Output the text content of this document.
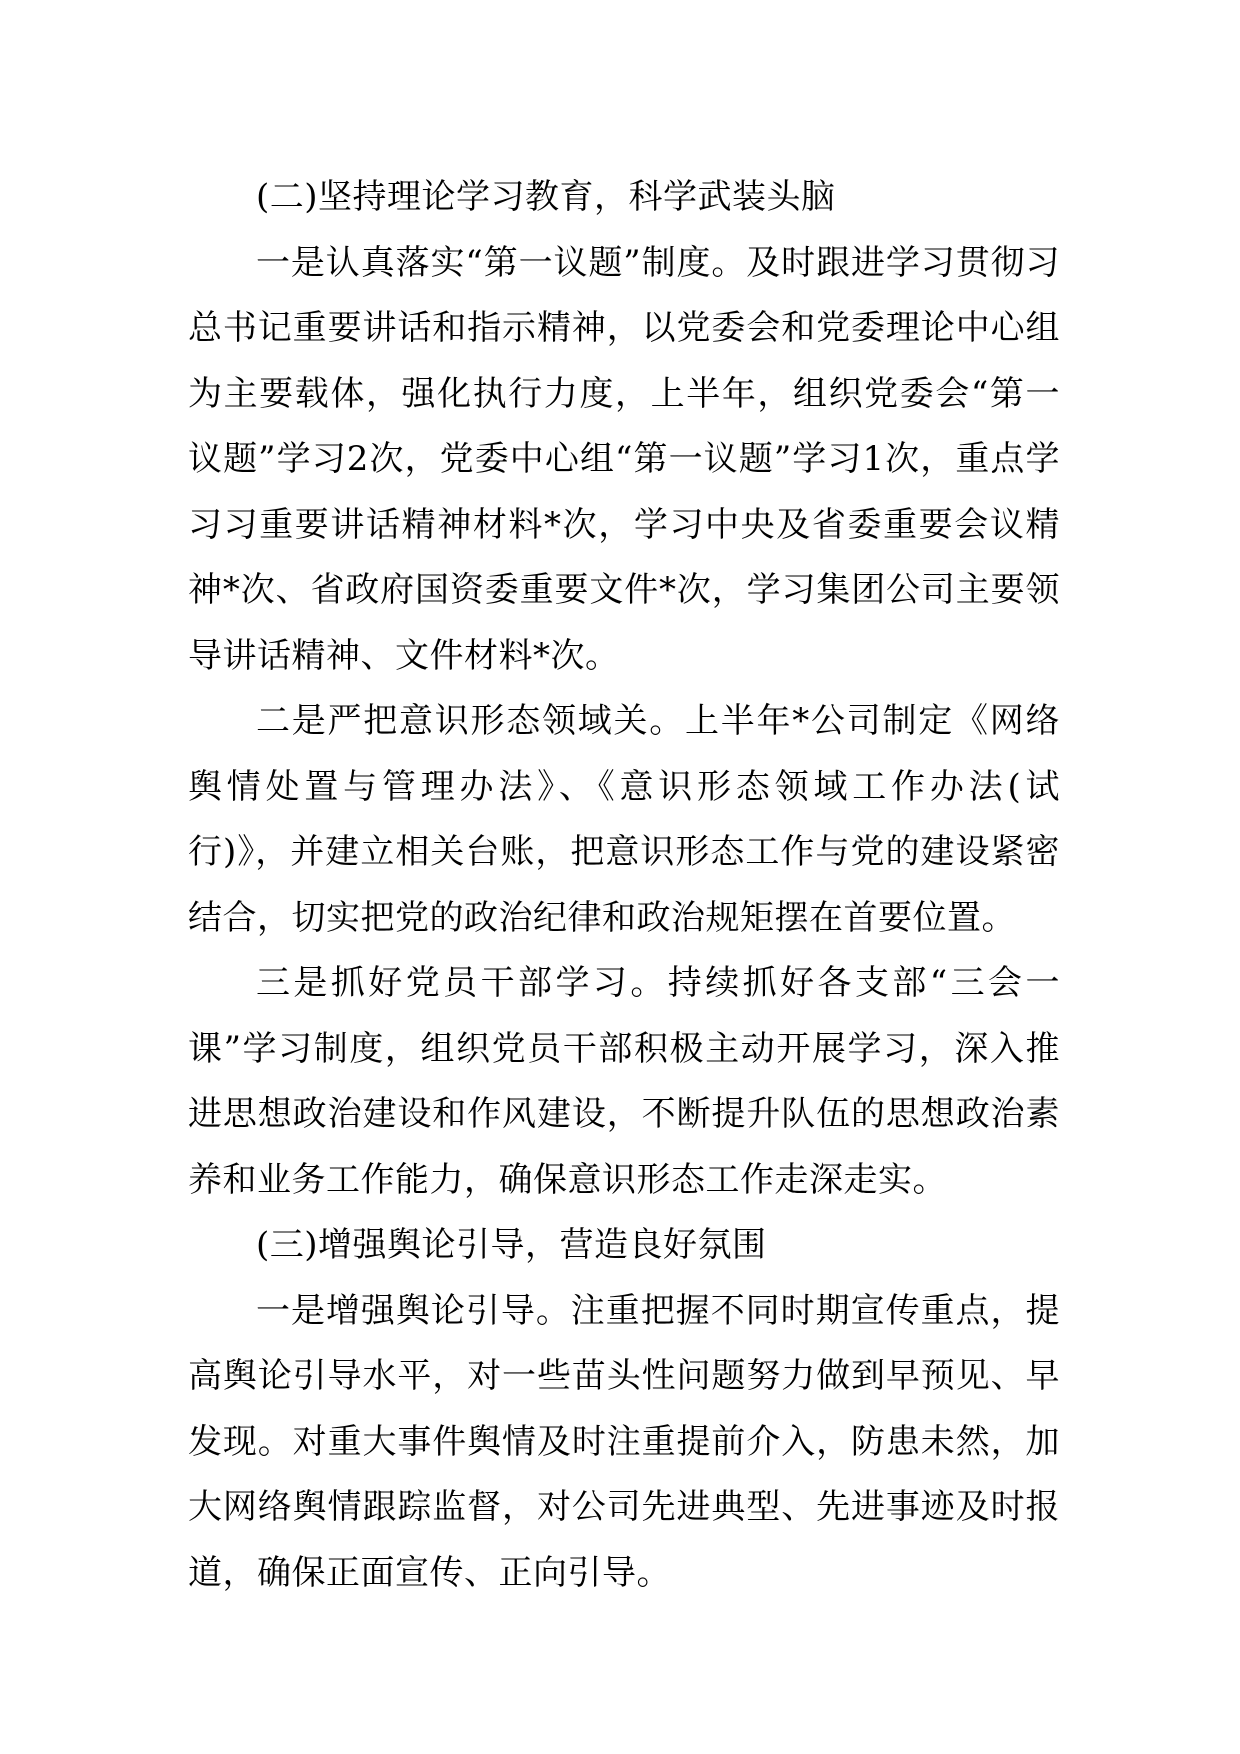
(二)坚持理论学习教育，科学武装头脑

一是认真落实“第一议题”制度。及时跟进学习贯彻习总书记重要讲话和指示精神，以党委会和党委理论中心组为主要载体，强化执行力度，上半年，组织党委会“第一议题”学习2次，党委中心组“第一议题”学习1次，重点学习习重要讲话精神材料*次，学习中央及省委重要会议精神*次、省政府国资委重要文件*次，学习集团公司主要领导讲话精神、文件材料*次。

二是严把意识形态领域关。上半年*公司制定《网络舆情处置与管理办法》、《意识形态领域工作办法(试行)》，并建立相关台账，把意识形态工作与党的建设紧密结合，切实把党的政治纪律和政治规矩摆在首要位置。

三是抓好党员干部学习。持续抓好各支部“三会一课”学习制度，组织党员干部积极主动开展学习，深入推进思想政治建设和作风建设，不断提升队伍的思想政治素养和业务工作能力，确保意识形态工作走深走实。

(三)增强舆论引导，营造良好氛围

一是增强舆论引导。注重把握不同时期宣传重点，提高舆论引导水平，对一些苗头性问题努力做到早预见、早发现。对重大事件舆情及时注重提前介入，防患未然，加大网络舆情跟踪监督，对公司先进典型、先进事迹及时报道，确保正面宣传、正向引导。
